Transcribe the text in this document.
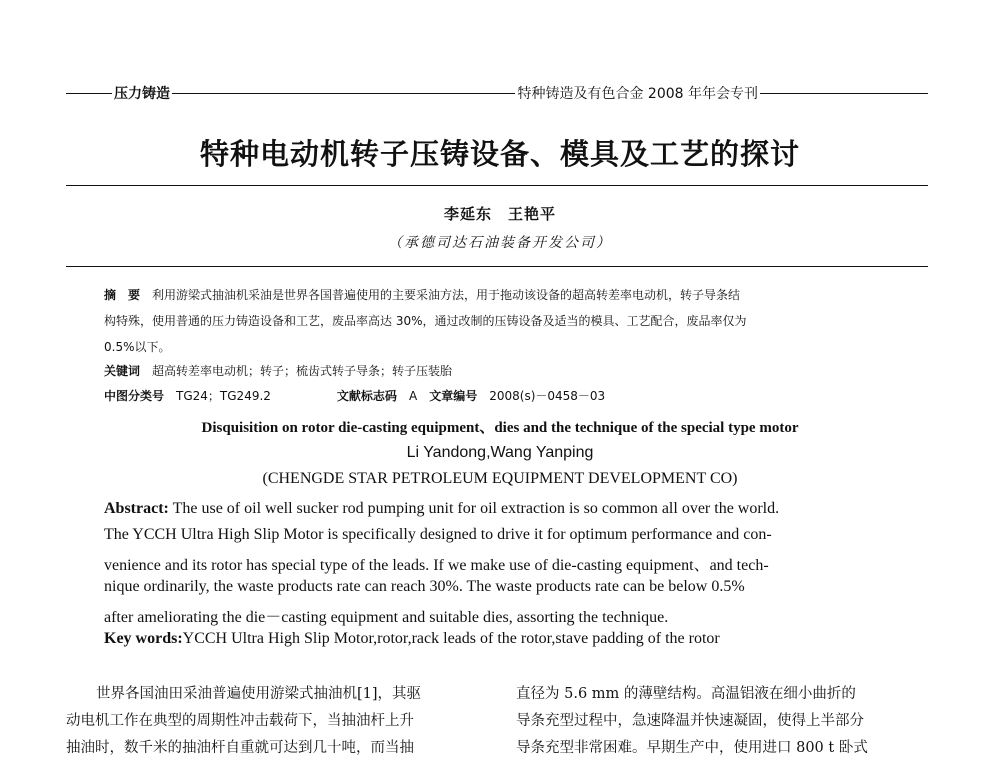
压力铸造	特种铸造及有色合金 2008 年年会专刊
特种电动机转子压铸设备、模具及工艺的探讨
李延东　王艳平
（承德司达石油装备开发公司）
摘　要　 利用游梁式抽油机采油是世界各国普遍使用的主要采油方法，用于拖动该设备的超高转差率电动机，转子导条结
构特殊，使用普通的压力铸造设备和工艺，废品率高达 30%，通过改制的压铸设备及适当的模具、工艺配合，废品率仅为
0.5%以下。
关键词　 超高转差率电动机；转子；梳齿式转子导条；转子压装胎
中图分类号　 TG24；TG249.2	文献标志码　 A　 文章编号　 2008(s)－0458－03
Disquisition on rotor die-casting equipment、dies and the technique of the special type motor
Li Yandong,Wang Yanping
(CHENGDE STAR PETROLEUM EQUIPMENT DEVELOPMENT CO)
Abstract: The use of oil well sucker rod pumping unit for oil extraction is so common all over the world.
The YCCH Ultra High Slip Motor is specifically designed to drive it for optimum performance and con-
venience and its rotor has special type of the leads. If we make use of die-casting equipment、and tech-
nique ordinarily, the waste products rate can reach 30%. The waste products rate can be below 0.5%
after ameliorating the die－casting equipment and suitable dies, assorting the technique.
Key words:YCCH Ultra High Slip Motor,rotor,rack leads of the rotor,stave padding of the rotor
世界各国油田采油普遍使用游梁式抽油机[1]，其驱
动电机工作在典型的周期性冲击载荷下，当抽油杆上升
抽油时，数千米的抽油杆自重就可达到几十吨，而当抽
直径为 5.6 mm 的薄壁结构。高温铝液在细小曲折的
导条充型过程中，急速降温并快速凝固，使得上半部分
导条充型非常困难。早期生产中，使用进口 800 t 卧式
